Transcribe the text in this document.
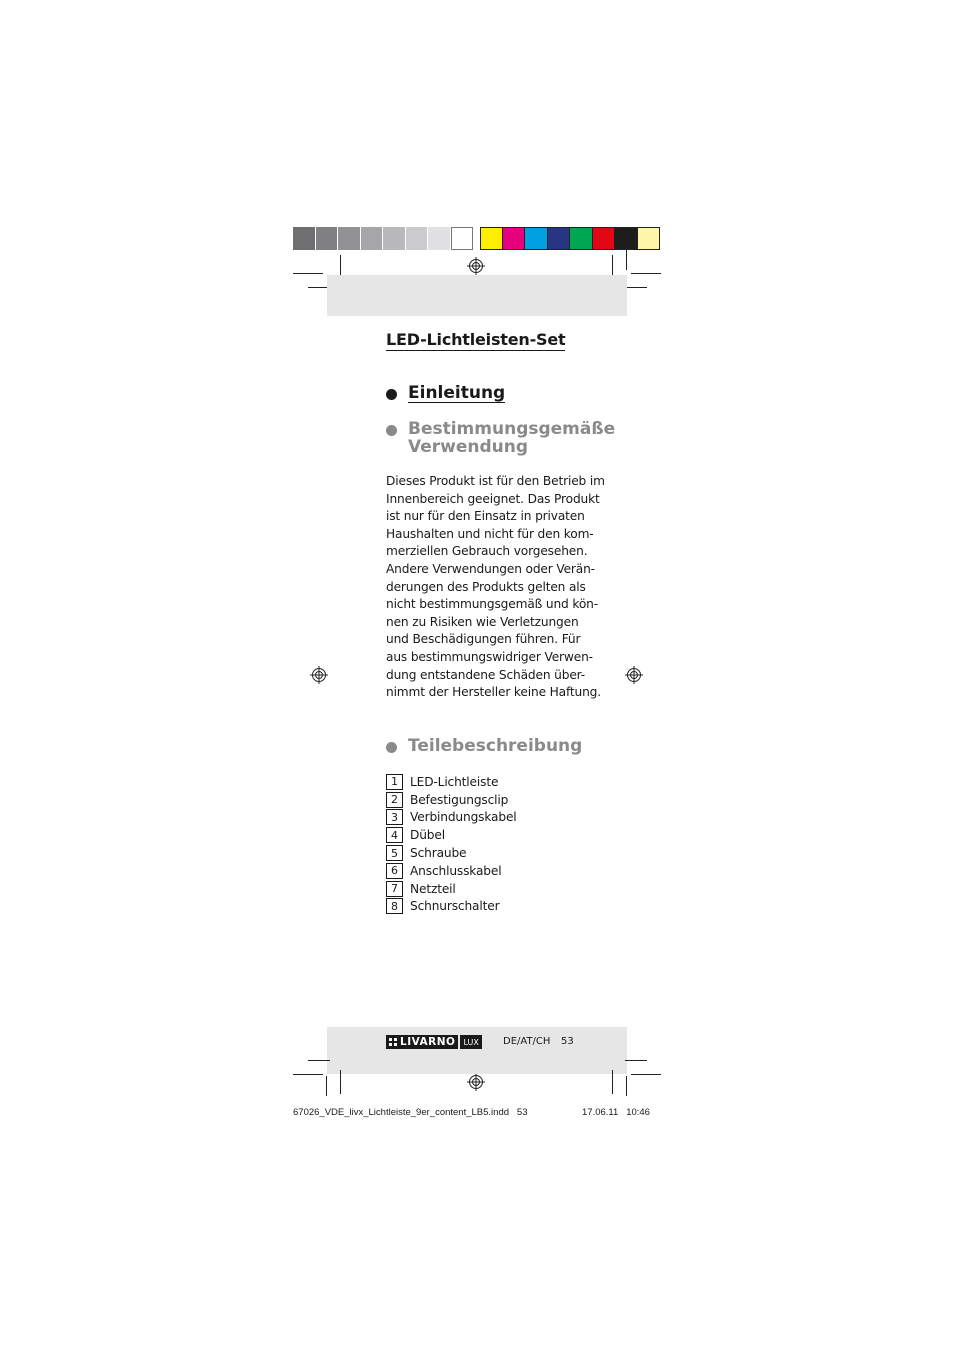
LED-Lichtleisten-Set
Einleitung
Bestimmungsgemäße
Verwendung
Dieses Produkt ist für den Betrieb im
Innenbereich geeignet. Das Produkt
ist nur für den Einsatz in privaten
Haushalten und nicht für den kom-
merziellen Gebrauch vorgesehen.
Andere Verwendungen oder Verän-
derungen des Produkts gelten als
nicht bestimmungsgemäß und kön-
nen zu Risiken wie Verletzungen
und Beschädigungen führen. Für
aus bestimmungswidriger Verwen-
dung entstandene Schäden über-
nimmt der Hersteller keine Haftung.
Teilebeschreibung
1 LED-Lichtleiste
2 Befestigungsclip
3 Verbindungskabel
4 Dübel
5 Schraube
6 Anschlusskabel
7 Netzteil
8 Schnurschalter
LIVARNO	LUX	DE/AT/CH 53
67026_VDE_livx_Lichtleiste_9er_content_LB5.indd   53	17.06.11   10:46
